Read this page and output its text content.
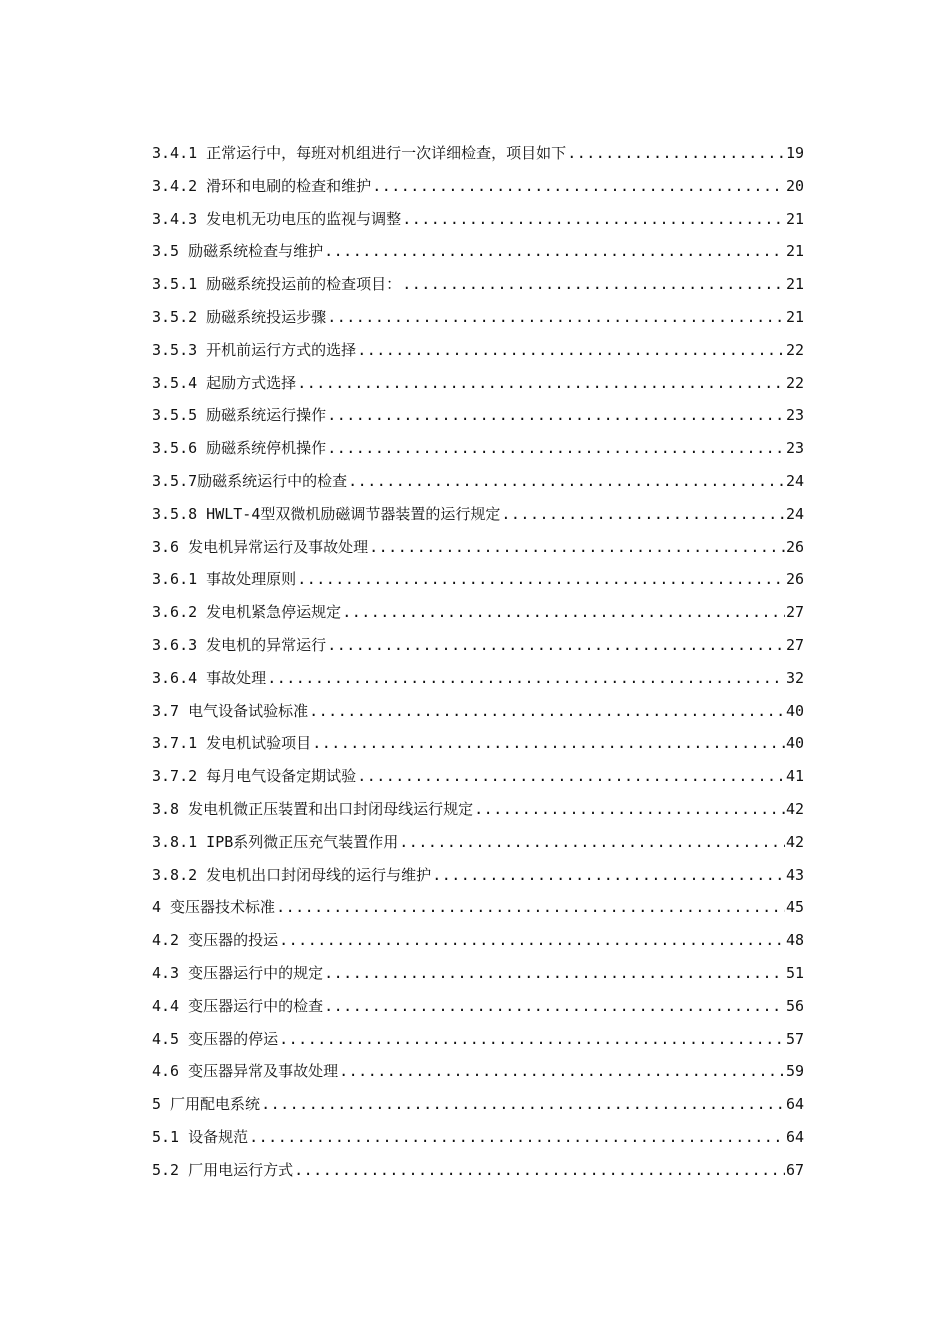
3.4.1 正常运行中，每班对机组进行一次详细检查，项目如下 .....	19
3.4.2 滑环和电刷的检查和维护 .....	20
3.4.3 发电机无功电压的监视与调整 .....	21
3.5 励磁系统检查与维护 .....	21
3.5.1 励磁系统投运前的检查项目： .....	21
3.5.2 励磁系统投运步骤 .....	21
3.5.3 开机前运行方式的选择 .....	22
3.5.4 起励方式选择 .....	22
3.5.5 励磁系统运行操作 .....	23
3.5.6 励磁系统停机操作 .....	23
3.5.7励磁系统运行中的检查 .....	24
3.5.8 HWLT-4型双微机励磁调节器装置的运行规定 .....	24
3.6 发电机异常运行及事故处理 .....	26
3.6.1 事故处理原则 .....	26
3.6.2 发电机紧急停运规定 .....	27
3.6.3 发电机的异常运行 .....	27
3.6.4 事故处理 .....	32
3.7 电气设备试验标准 .....	40
3.7.1 发电机试验项目 .....	40
3.7.2 每月电气设备定期试验 .....	41
3.8 发电机微正压装置和出口封闭母线运行规定 .....	42
3.8.1 IPB系列微正压充气装置作用 .....	42
3.8.2 发电机出口封闭母线的运行与维护 .....	43
4 变压器技术标准 .....	45
4.2 变压器的投运 .....	48
4.3 变压器运行中的规定 .....	51
4.4 变压器运行中的检查 .....	56
4.5 变压器的停运 .....	57
4.6 变压器异常及事故处理 .....	59
5 厂用配电系统 .....	64
5.1 设备规范 .....	64
5.2 厂用电运行方式 .....	67
